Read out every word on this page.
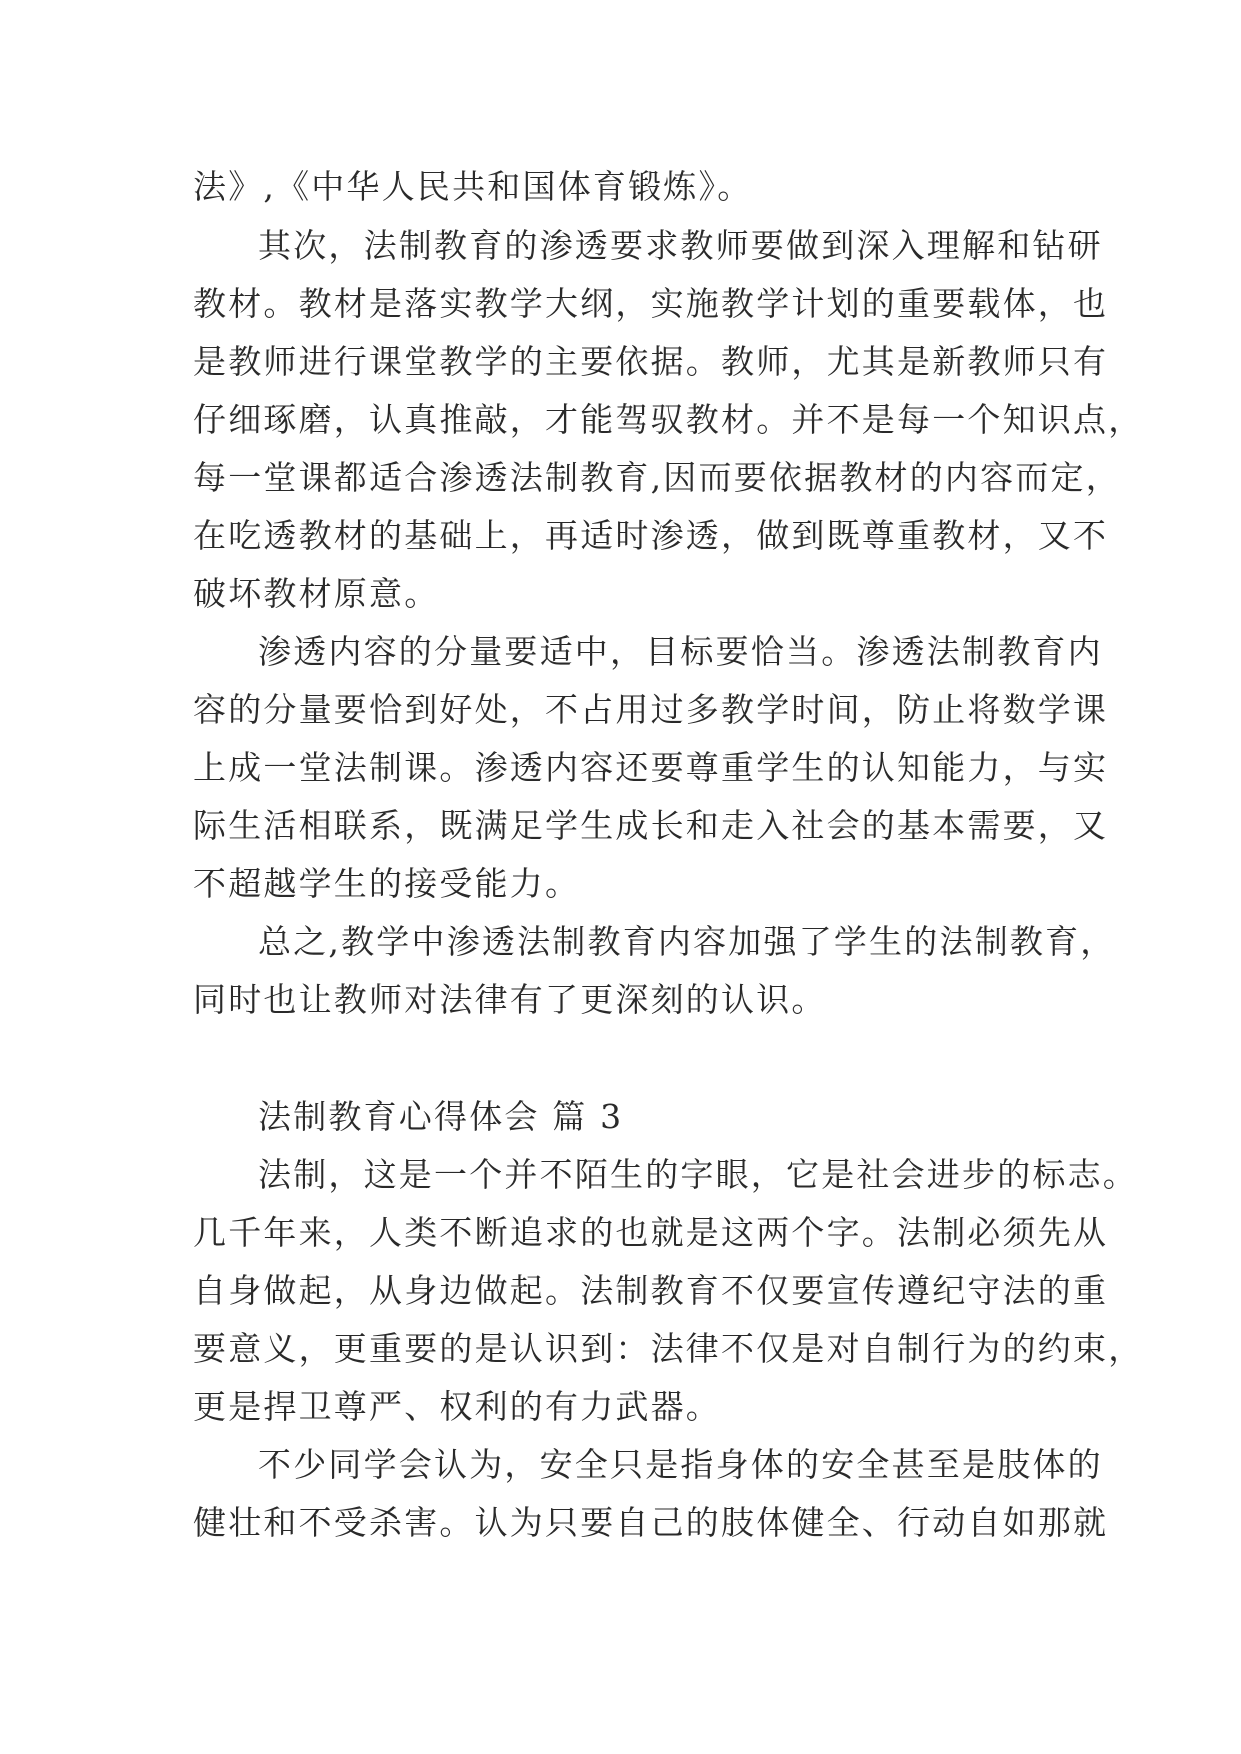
法》,《中华人民共和国体育锻炼》。
其次，法制教育的渗透要求教师要做到深入理解和钻研
教材。教材是落实教学大纲，实施教学计划的重要载体，也
是教师进行课堂教学的主要依据。教师，尤其是新教师只有
仔细琢磨，认真推敲，才能驾驭教材。并不是每一个知识点，
每一堂课都适合渗透法制教育,因而要依据教材的内容而定，
在吃透教材的基础上，再适时渗透，做到既尊重教材，又不
破坏教材原意。
渗透内容的分量要适中，目标要恰当。渗透法制教育内
容的分量要恰到好处，不占用过多教学时间，防止将数学课
上成一堂法制课。渗透内容还要尊重学生的认知能力，与实
际生活相联系，既满足学生成长和走入社会的基本需要，又
不超越学生的接受能力。
总之,教学中渗透法制教育内容加强了学生的法制教育，
同时也让教师对法律有了更深刻的认识。
法制教育心得体会 篇 3
法制，这是一个并不陌生的字眼，它是社会进步的标志。
几千年来，人类不断追求的也就是这两个字。法制必须先从
自身做起，从身边做起。法制教育不仅要宣传遵纪守法的重
要意义，更重要的是认识到：法律不仅是对自制行为的约束，
更是捍卫尊严、权利的有力武器。
不少同学会认为，安全只是指身体的安全甚至是肢体的
健壮和不受杀害。认为只要自己的肢体健全、行动自如那就
